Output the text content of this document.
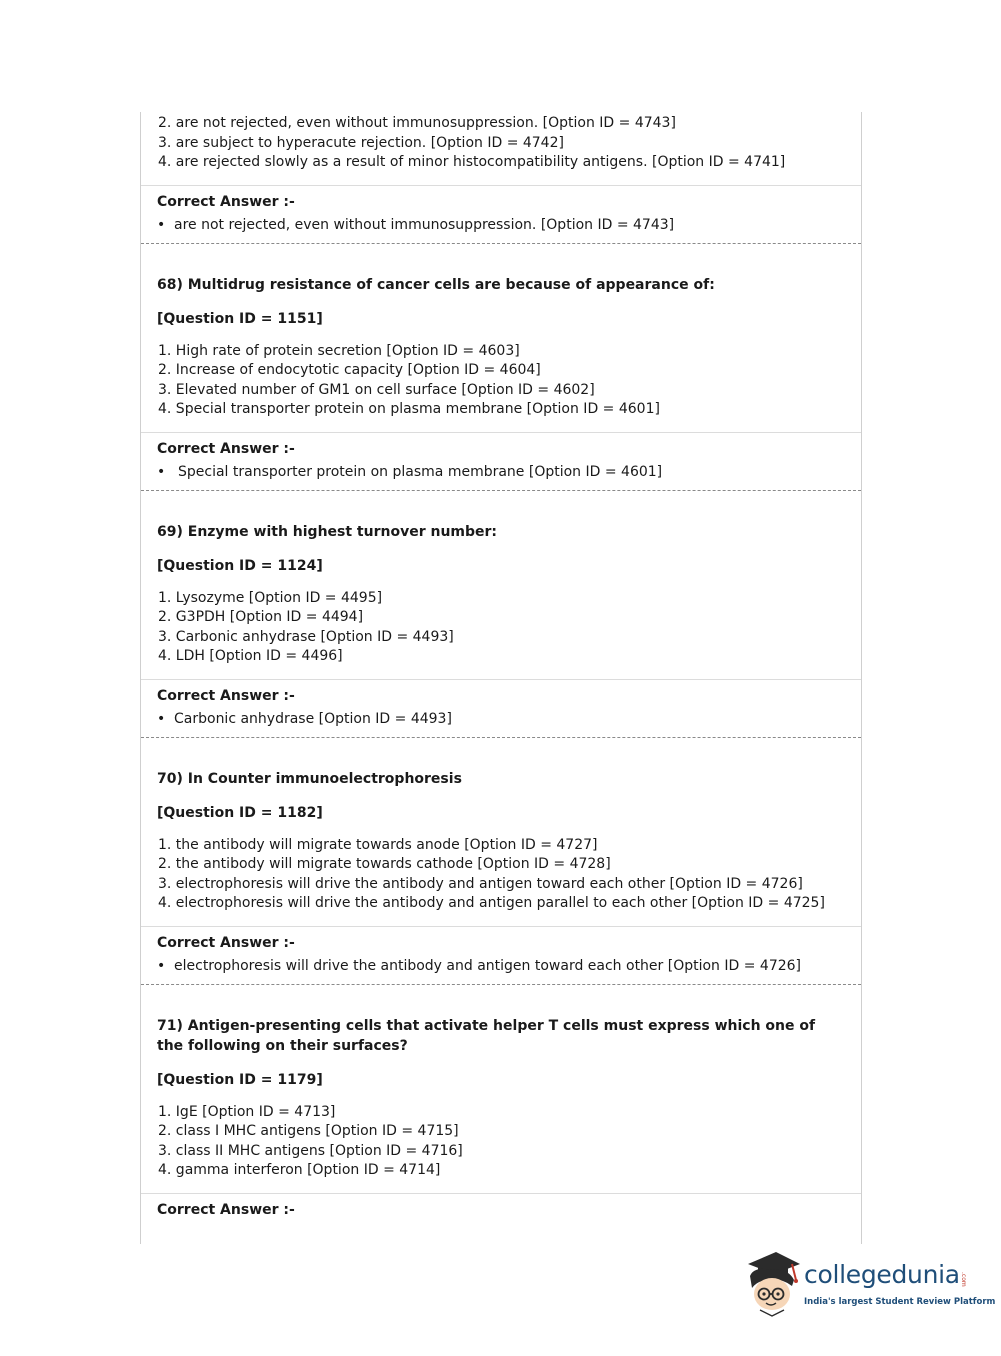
2. are not rejected, even without immunosuppression. [Option ID = 4743]
3. are subject to hyperacute rejection. [Option ID = 4742]
4. are rejected slowly as a result of minor histocompatibility antigens. [Option ID = 4741]

Correct Answer :-

• are not rejected, even without immunosuppression. [Option ID = 4743]

68) Multidrug resistance of cancer cells are because of appearance of:

[Question ID = 1151]

1. High rate of protein secretion [Option ID = 4603]
2. Increase of endocytotic capacity [Option ID = 4604]
3. Elevated number of GM1 on cell surface [Option ID = 4602]
4. Special transporter protein on plasma membrane [Option ID = 4601]

Correct Answer :-

• Special transporter protein on plasma membrane [Option ID = 4601]

69) Enzyme with highest turnover number:

[Question ID = 1124]

1. Lysozyme [Option ID = 4495]
2. G3PDH [Option ID = 4494]
3. Carbonic anhydrase [Option ID = 4493]
4. LDH [Option ID = 4496]

Correct Answer :-

• Carbonic anhydrase [Option ID = 4493]

70) In Counter immunoelectrophoresis

[Question ID = 1182]

1. the antibody will migrate towards anode [Option ID = 4727]
2. the antibody will migrate towards cathode [Option ID = 4728]
3. electrophoresis will drive the antibody and antigen toward each other [Option ID = 4726]
4. electrophoresis will drive the antibody and antigen parallel to each other [Option ID = 4725]

Correct Answer :-

• electrophoresis will drive the antibody and antigen toward each other [Option ID = 4726]

71) Antigen-presenting cells that activate helper T cells must express which one of the following on their surfaces?

[Question ID = 1179]

1. IgE [Option ID = 4713]
2. class I MHC antigens [Option ID = 4715]
3. class II MHC antigens [Option ID = 4716]
4. gamma interferon [Option ID = 4714]

Correct Answer :-

collegedunia .com
India's largest Student Review Platform
